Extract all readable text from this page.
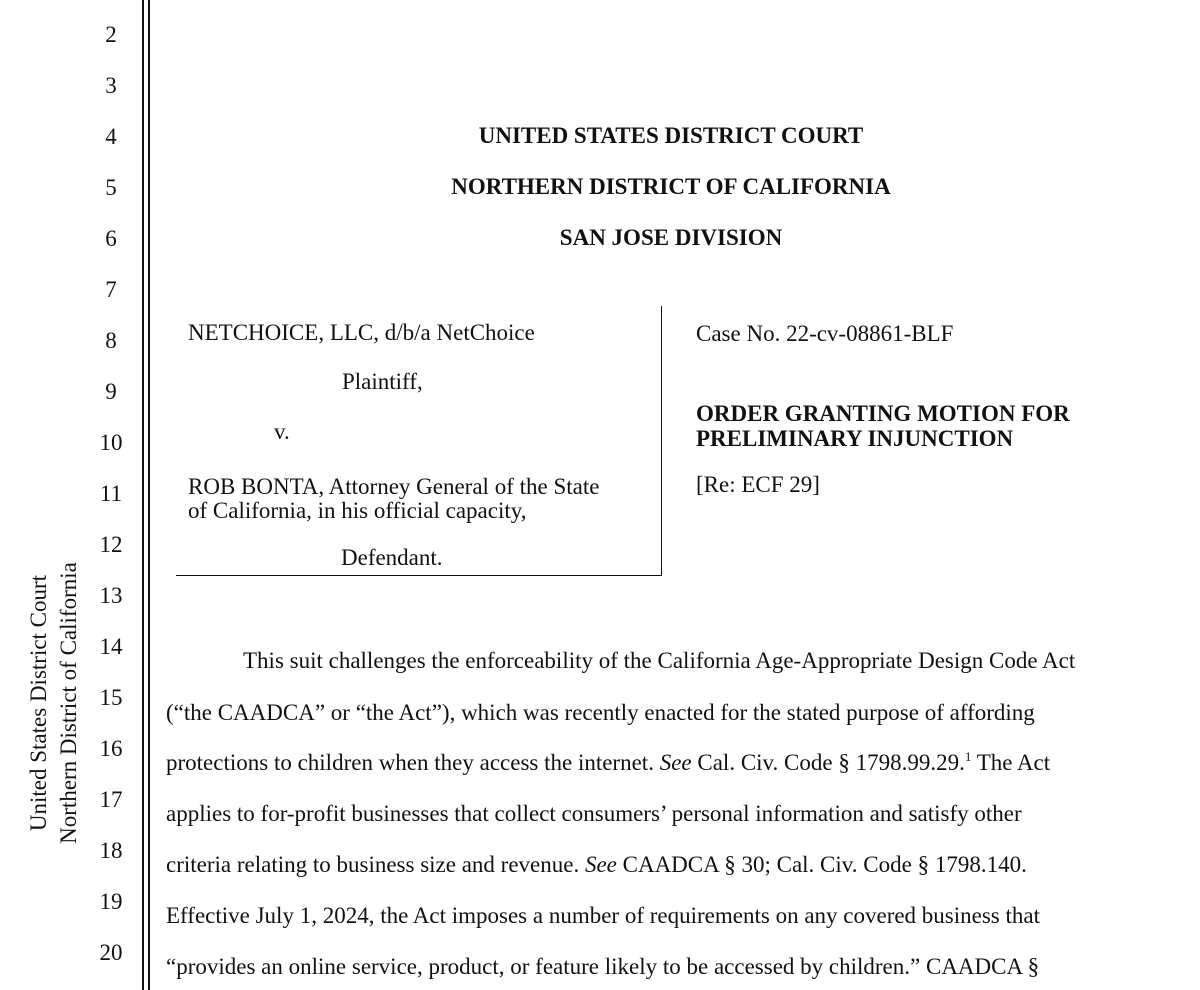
United States District Court Northern District of California
2
3
4
5
6
7
8
9
10
11
12
13
14
15
16
17
18
19
20
UNITED STATES DISTRICT COURT
NORTHERN DISTRICT OF CALIFORNIA
SAN JOSE DIVISION
NETCHOICE, LLC, d/b/a NetChoice
Plaintiff,
v.
ROB BONTA, Attorney General of the State
of California, in his official capacity,
Defendant.
Case No. 22-cv-08861-BLF
ORDER GRANTING MOTION FOR
PRELIMINARY INJUNCTION
[Re: ECF 29]
This suit challenges the enforceability of the California Age-Appropriate Design Code Act
(“the CAADCA” or “the Act”), which was recently enacted for the stated purpose of affording
protections to children when they access the internet. See Cal. Civ. Code § 1798.99.29.$^1$ The Act
applies to for-profit businesses that collect consumers’ personal information and satisfy other
criteria relating to business size and revenue. See CAADCA § 30; Cal. Civ. Code § 1798.140.
Effective July 1, 2024, the Act imposes a number of requirements on any covered business that
“provides an online service, product, or feature likely to be accessed by children.” CAADCA §
